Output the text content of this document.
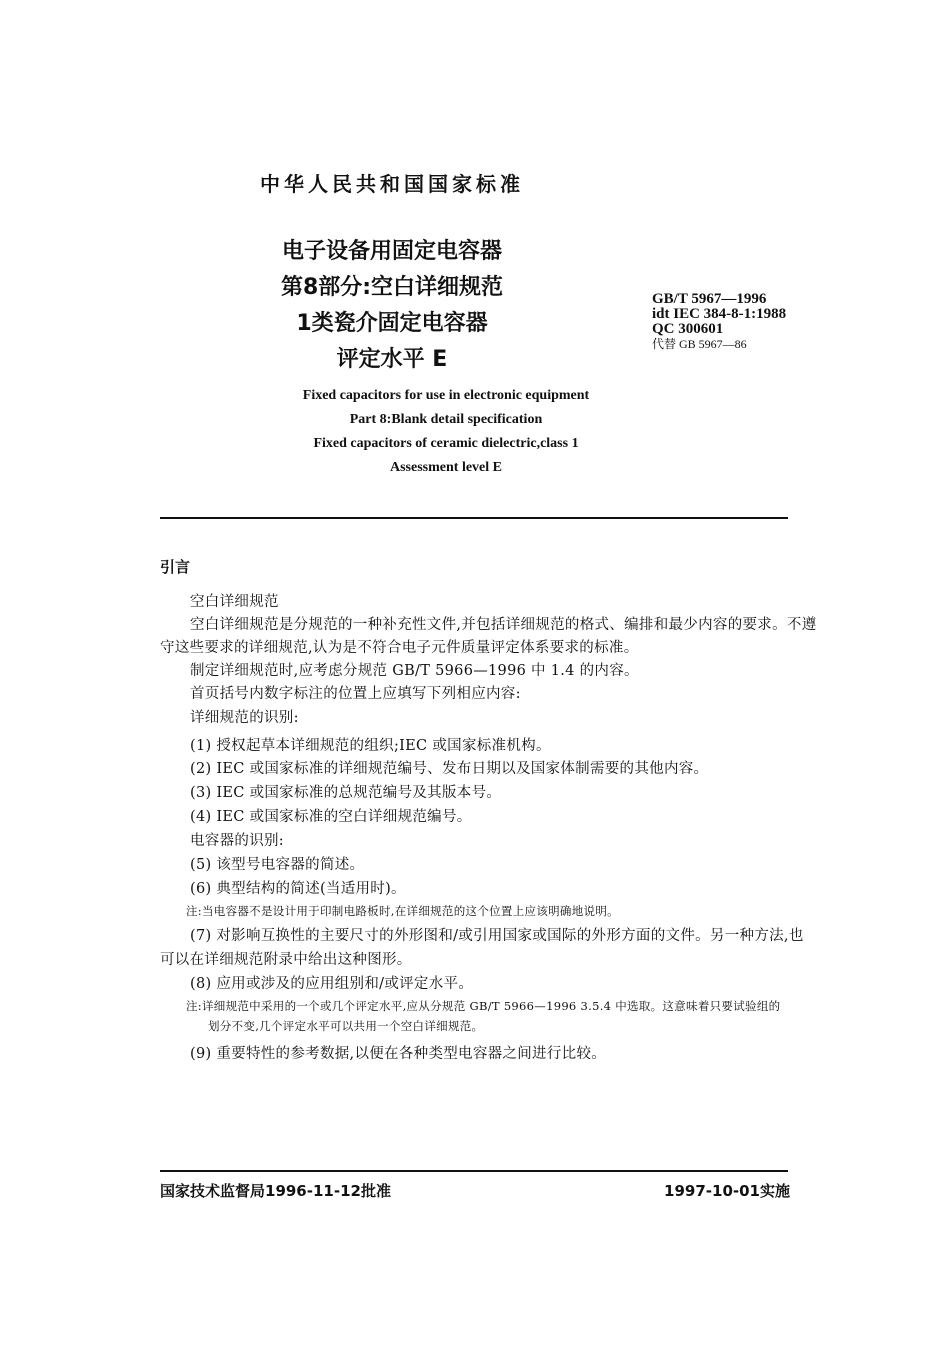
中华人民共和国国家标准
电子设备用固定电容器
第8部分:空白详细规范
1类瓷介固定电容器
评定水平 E
GB/T 5967—1996
idt IEC 384-8-1:1988
QC 300601
代替 GB 5967—86
Fixed capacitors for use in electronic equipment
Part 8:Blank detail specification
Fixed capacitors of ceramic dielectric,class 1
Assessment level E
引言
空白详细规范
空白详细规范是分规范的一种补充性文件,并包括详细规范的格式、编排和最少内容的要求。不遵
守这些要求的详细规范,认为是不符合电子元件质量评定体系要求的标准。
制定详细规范时,应考虑分规范 GB/T 5966—1996 中 1.4 的内容。
首页括号内数字标注的位置上应填写下列相应内容:
详细规范的识别:
(1) 授权起草本详细规范的组织;IEC 或国家标准机构。
(2) IEC 或国家标准的详细规范编号、发布日期以及国家体制需要的其他内容。
(3) IEC 或国家标准的总规范编号及其版本号。
(4) IEC 或国家标准的空白详细规范编号。
电容器的识别:
(5) 该型号电容器的简述。
(6) 典型结构的简述(当适用时)。
注:当电容器不是设计用于印制电路板时,在详细规范的这个位置上应该明确地说明。
(7) 对影响互换性的主要尺寸的外形图和/或引用国家或国际的外形方面的文件。另一种方法,也
可以在详细规范附录中给出这种图形。
(8) 应用或涉及的应用组别和/或评定水平。
注:详细规范中采用的一个或几个评定水平,应从分规范 GB/T 5966—1996 3.5.4 中选取。这意味着只要试验组的
划分不变,几个评定水平可以共用一个空白详细规范。
(9) 重要特性的参考数据,以便在各种类型电容器之间进行比较。
国家技术监督局1996-11-12批准	1997-10-01实施
